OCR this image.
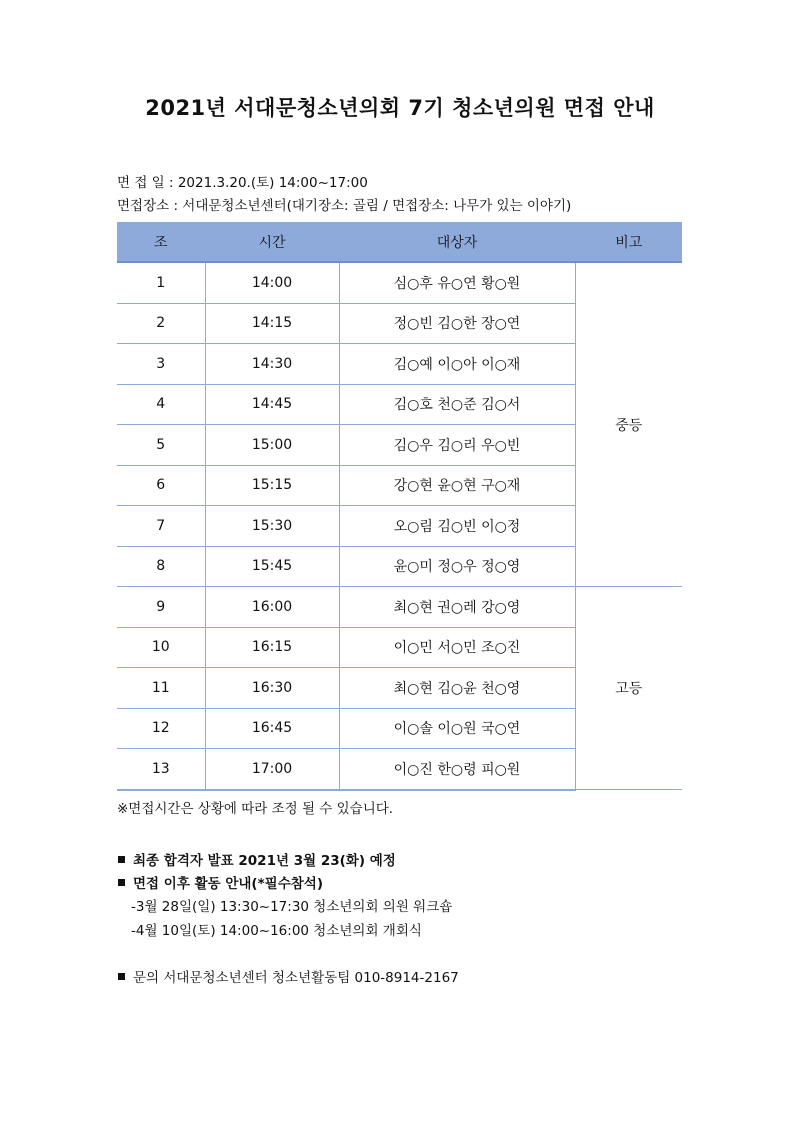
2021년 서대문청소년의회 7기 청소년의원 면접 안내
면 접 일 : 2021.3.20.(토) 14:00~17:00
면접장소 : 서대문청소년센터(대기장소: 골림 / 면접장소: 나무가 있는 이야기)
조	시간	대상자	비고
1	14:00	심○후 유○연 황○원	중등
2	14:15	정○빈 김○한 장○연	
3	14:30	김○예 이○아 이○재	
4	14:45	김○호 천○준 김○서	
5	15:00	김○우 김○리 우○빈	
6	15:15	강○현 윤○현 구○재	
7	15:30	오○림 김○빈 이○정	
8	15:45	윤○미 정○우 정○영	
9	16:00	최○현 권○레 강○영	고등
10	16:15	이○민 서○민 조○진	
11	16:30	최○현 김○윤 천○영	
12	16:45	이○솔 이○원 국○연	
13	17:00	이○진 한○령 피○원	
※면접시간은 상황에 따라 조정 될 수 있습니다.
최종 합격자 발표 2021년 3월 23(화) 예정
면접 이후 활동 안내(*필수참석)
-3월 28일(일) 13:30~17:30 청소년의회 의원 워크숍
-4월 10일(토) 14:00~16:00 청소년의회 개회식
문의 서대문청소년센터 청소년활동팀 010-8914-2167
